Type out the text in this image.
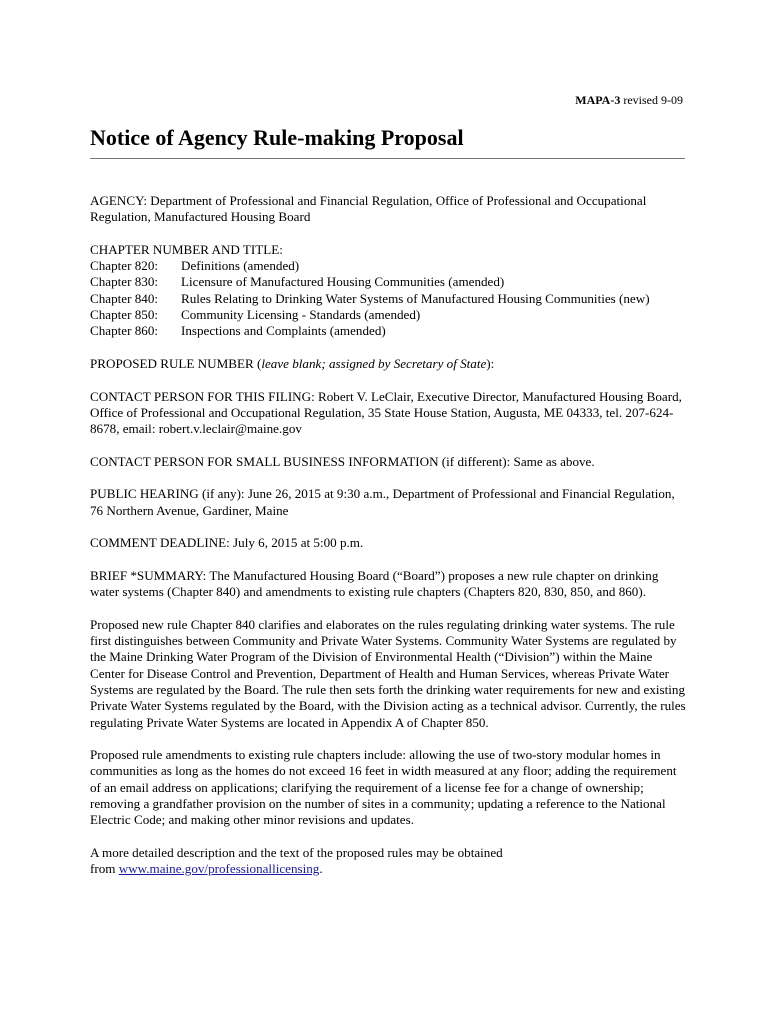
MAPA-3 revised 9-09
Notice of Agency Rule-making Proposal

AGENCY: Department of Professional and Financial Regulation, Office of Professional and Occupational Regulation, Manufactured Housing Board

CHAPTER NUMBER AND TITLE:
Chapter 820:	Definitions (amended)
Chapter 830:	Licensure of Manufactured Housing Communities (amended)
Chapter 840:	Rules Relating to Drinking Water Systems of Manufactured Housing Communities (new)
Chapter 850:	Community Licensing - Standards (amended)
Chapter 860:	Inspections and Complaints (amended)

PROPOSED RULE NUMBER (leave blank; assigned by Secretary of State):

CONTACT PERSON FOR THIS FILING: Robert V. LeClair, Executive Director, Manufactured Housing Board, Office of Professional and Occupational Regulation, 35 State House Station, Augusta, ME 04333, tel. 207-624-8678, email: robert.v.leclair@maine.gov

CONTACT PERSON FOR SMALL BUSINESS INFORMATION (if different): Same as above.

PUBLIC HEARING (if any): June 26, 2015 at 9:30 a.m., Department of Professional and Financial Regulation, 76 Northern Avenue, Gardiner, Maine

COMMENT DEADLINE: July 6, 2015 at 5:00 p.m.

BRIEF *SUMMARY: The Manufactured Housing Board (“Board”) proposes a new rule chapter on drinking water systems (Chapter 840) and amendments to existing rule chapters (Chapters 820, 830, 850, and 860).

Proposed new rule Chapter 840 clarifies and elaborates on the rules regulating drinking water systems. The rule first distinguishes between Community and Private Water Systems. Community Water Systems are regulated by the Maine Drinking Water Program of the Division of Environmental Health (“Division”) within the Maine Center for Disease Control and Prevention, Department of Health and Human Services, whereas Private Water Systems are regulated by the Board. The rule then sets forth the drinking water requirements for new and existing Private Water Systems regulated by the Board, with the Division acting as a technical advisor. Currently, the rules regulating Private Water Systems are located in Appendix A of Chapter 850.

Proposed rule amendments to existing rule chapters include: allowing the use of two-story modular homes in communities as long as the homes do not exceed 16 feet in width measured at any floor; adding the requirement of an email address on applications; clarifying the requirement of a license fee for a change of ownership; removing a grandfather provision on the number of sites in a community; updating a reference to the National Electric Code; and making other minor revisions and updates.

A more detailed description and the text of the proposed rules may be obtained
from www.maine.gov/professionallicensing.
